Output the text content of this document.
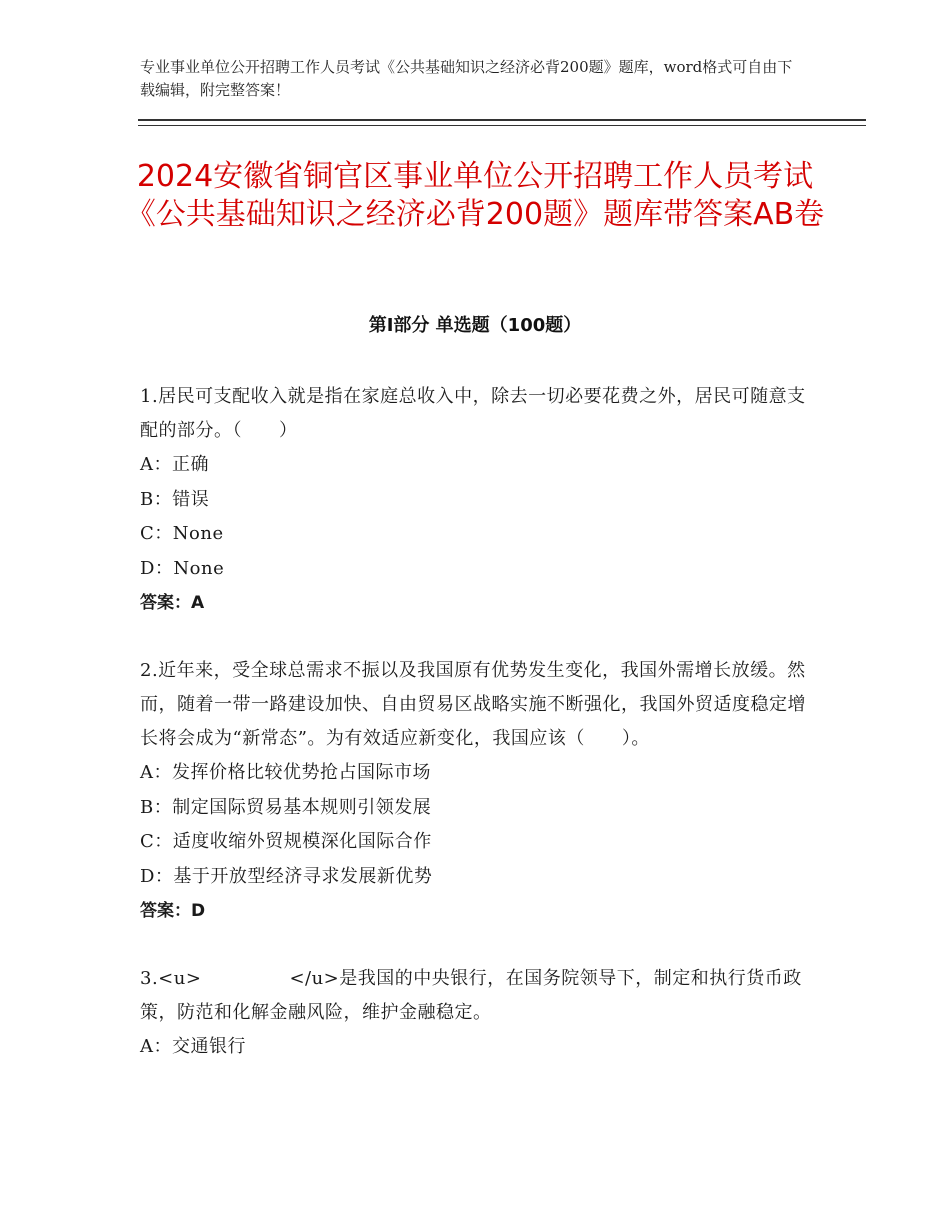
专业事业单位公开招聘工作人员考试《公共基础知识之经济必背200题》题库，word格式可自由下载编辑，附完整答案！
2024安徽省铜官区事业单位公开招聘工作人员考试《公共基础知识之经济必背200题》题库带答案AB卷
第Ⅰ部分 单选题（100题）
1.居民可支配收入就是指在家庭总收入中，除去一切必要花费之外，居民可随意支配的部分。（　　）
A：正确
B：错误
C：None
D：None
答案：A
2.近年来，受全球总需求不振以及我国原有优势发生变化，我国外需增长放缓。然而，随着一带一路建设加快、自由贸易区战略实施不断强化，我国外贸适度稳定增长将会成为“新常态”。为有效适应新变化，我国应该（　　）。
A：发挥价格比较优势抢占国际市场
B：制定国际贸易基本规则引领发展
C：适度收缩外贸规模深化国际合作
D：基于开放型经济寻求发展新优势
答案：D
3.<u>	</u>是我国的中央银行，在国务院领导下，制定和执行货币政策，防范和化解金融风险，维护金融稳定。
A：交通银行
